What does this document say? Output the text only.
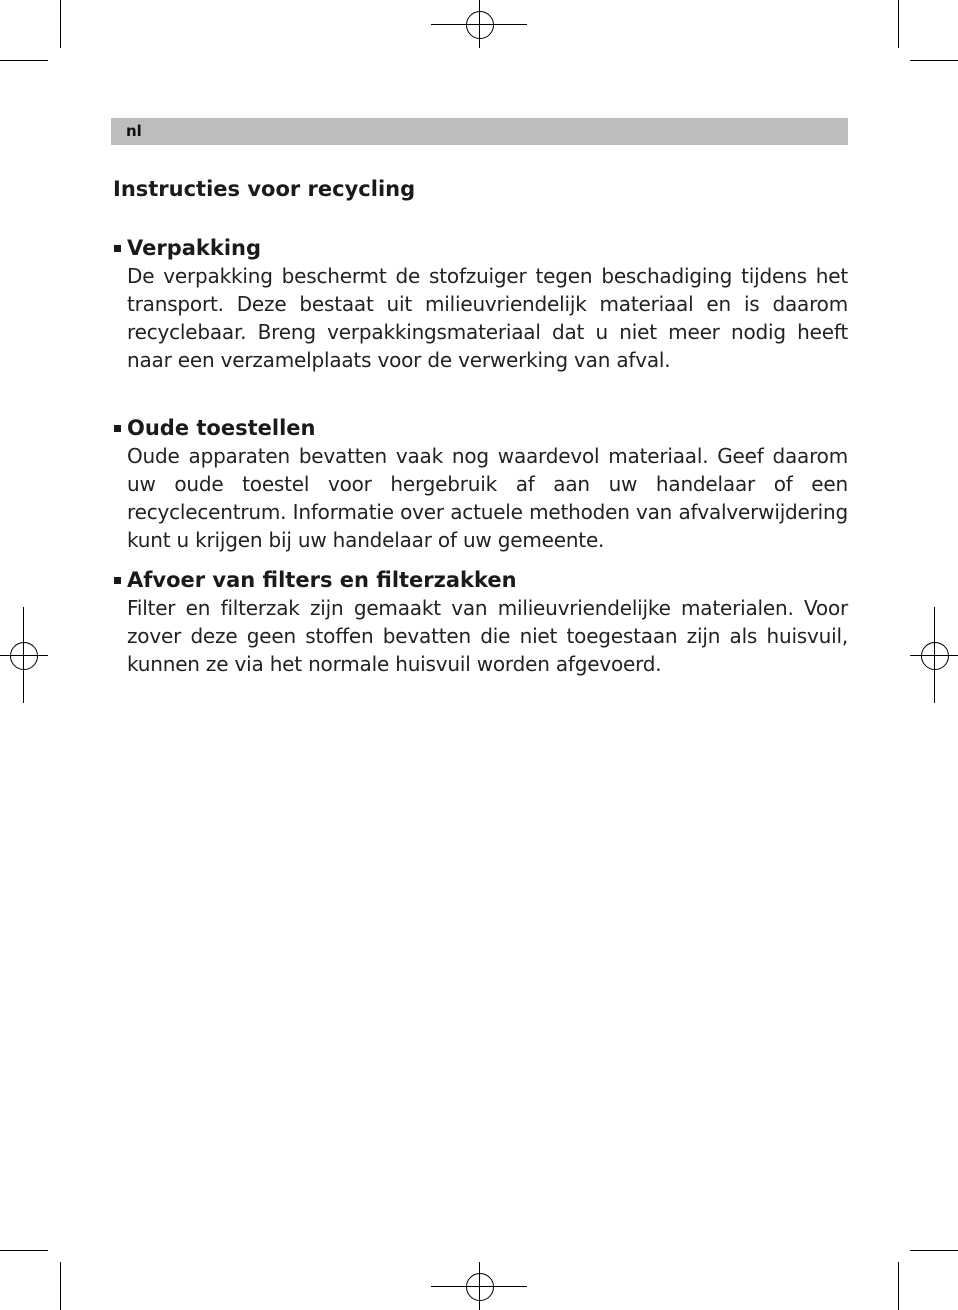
nl
Instructies voor recycling
Verpakking
De verpakking beschermt de stofzuiger tegen beschadiging tijdens het transport. Deze bestaat uit milieuvriendelijk materiaal en is daarom recyclebaar. Breng verpakkingsmateriaal dat u niet meer nodig heeft naar een verzamelplaats voor de verwerking van afval.
Oude toestellen
Oude apparaten bevatten vaak nog waardevol materiaal. Geef daarom uw oude toestel voor hergebruik af aan uw handelaar of een recyclecentrum. Informatie over actuele methoden van afvalverwijdering kunt u krijgen bij uw handelaar of uw gemeente.
Afvoer van filters en filterzakken
Filter en filterzak zijn gemaakt van milieuvriendelijke materialen. Voor zover deze geen stoffen bevatten die niet toegestaan zijn als huisvuil, kunnen ze via het normale huisvuil worden afgevoerd.
